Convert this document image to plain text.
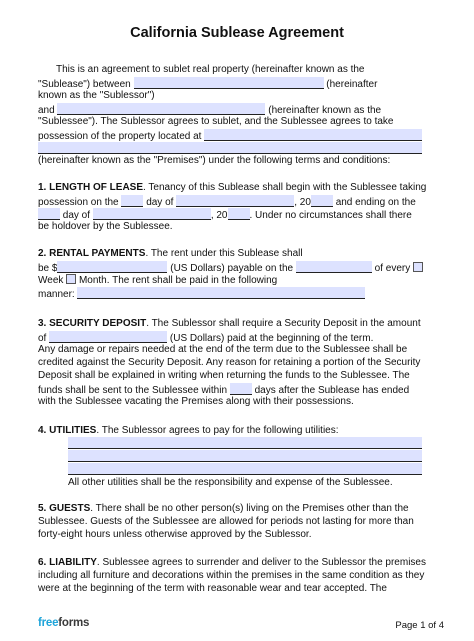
California Sublease Agreement
This is an agreement to sublet real property (hereinafter known as the
"Sublease") between	(hereinafter
known as the "Sublessor")
and	(hereinafter known as the
"Sublessee"). The Sublessor agrees to sublet, and the Sublessee agrees to take
possession of the property located at
(hereinafter known as the "Premises") under the following terms and conditions:
1. LENGTH OF LEASE. Tenancy of this Sublease shall begin with the Sublessee taking
possession on the	day of	, 20 and ending on the
day of	, 20 . Under no circumstances shall there
be holdover by the Sublessee.
2. RENTAL PAYMENTS. The rent under this Sublease shall
be $	(US Dollars) payable on the	of every
Week Month. The rent shall be paid in the following
manner:
3. SECURITY DEPOSIT. The Sublessor shall require a Security Deposit in the amount
of	(US Dollars) paid at the beginning of the term.
Any damage or repairs needed at the end of the term due to the Sublessee shall be
credited against the Security Deposit. Any reason for retaining a portion of the Security
Deposit shall be explained in writing when returning the funds to the Sublessee. The
funds shall be sent to the Sublessee within	days after the Sublease has ended
with the Sublessee vacating the Premises along with their possessions.
4. UTILITIES. The Sublessor agrees to pay for the following utilities:
All other utilities shall be the responsibility and expense of the Sublessee.
5. GUESTS. There shall be no other person(s) living on the Premises other than the
Sublessee. Guests of the Sublessee are allowed for periods not lasting for more than
forty-eight hours unless otherwise approved by the Sublessor.
6. LIABILITY. Sublessee agrees to surrender and deliver to the Sublessor the premises
including all furniture and decorations within the premises in the same condition as they
were at the beginning of the term with reasonable wear and tear accepted. The
freeforms	Page 1 of 4
